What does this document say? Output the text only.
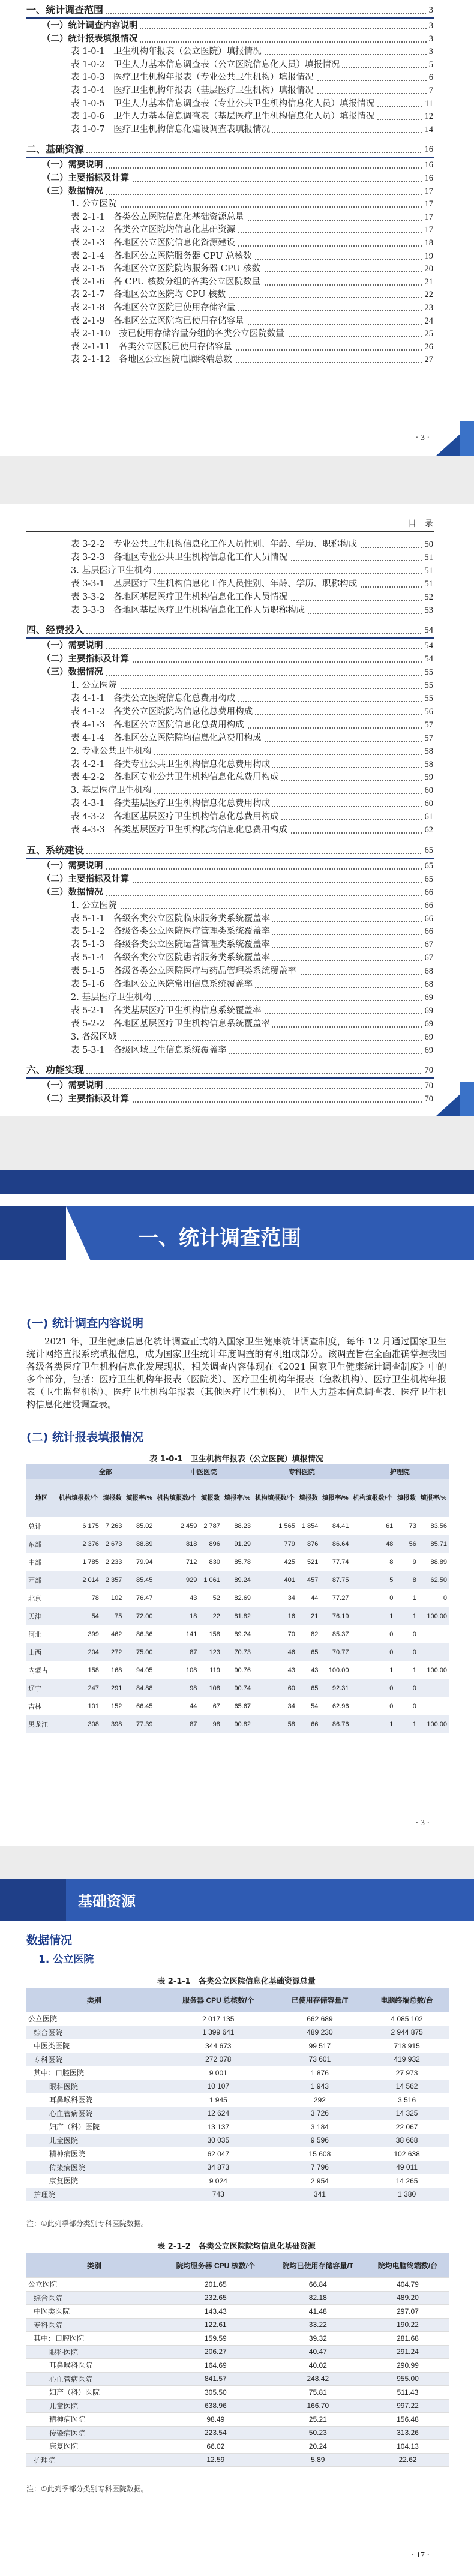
一、统计调查范围	3
（一）统计调查内容说明	3
（二）统计报表填报情况	3
表 1-0-1　卫生机构年报表（公立医院）填报情况	3
表 1-0-2　卫生人力基本信息调查表（公立医院信息化人员）填报情况	5
表 1-0-3　医疗卫生机构年报表（专业公共卫生机构）填报情况	6
表 1-0-4　医疗卫生机构年报表（基层医疗卫生机构）填报情况	7
表 1-0-5　卫生人力基本信息调查表（专业公共卫生机构信息化人员）填报情况	11
表 1-0-6　卫生人力基本信息调查表（基层医疗卫生机构信息化人员）填报情况	12
表 1-0-7　医疗卫生机构信息化建设调查表填报情况	14
二、基础资源	16
（一）需要说明	16
（二）主要指标及计算	16
（三）数据情况	17
1. 公立医院	17
表 2-1-1　各类公立医院信息化基础资源总量	17
表 2-1-2　各类公立医院均信息化基础资源	17
表 2-1-3　各地区公立医院信息化资源建设	18
表 2-1-4　各地区公立医院服务器 CPU 总核数	19
表 2-1-5　各地区公立医院院均服务器 CPU 核数	20
表 2-1-6　各 CPU 核数分组的各类公立医院数量	21
表 2-1-7　各地区公立医院均 CPU 核数	22
表 2-1-8　各地区公立医院已使用存储容量	23
表 2-1-9　各地区公立医院均已使用存储容量	24
表 2-1-10　按已使用存储容量分组的各类公立医院数量	25
表 2-1-11　各类公立医院已使用存储容量	26
表 2-1-12　各地区公立医院电脑终端总数	27
· 3 ·
目　录
表 3-2-2　专业公共卫生机构信息化工作人员性别、年龄、学历、职称构成	50
表 3-2-3　各地区专业公共卫生机构信息化工作人员情况	51
3. 基层医疗卫生机构	51
表 3-3-1　基层医疗卫生机构信息化工作人员性别、年龄、学历、职称构成	51
表 3-3-2　各地区基层医疗卫生机构信息化工作人员情况	52
表 3-3-3　各地区基层医疗卫生机构信息化工作人员职称构成	53
四、经费投入	54
（一）需要说明	54
（二）主要指标及计算	54
（三）数据情况	55
1. 公立医院	55
表 4-1-1　各类公立医院信息化总费用构成	55
表 4-1-2　各类公立医院院均信息化总费用构成	56
表 4-1-3　各地区公立医院信息化总费用构成	57
表 4-1-4　各地区公立医院院均信息化总费用构成	57
2. 专业公共卫生机构	58
表 4-2-1　各类专业公共卫生机构信息化总费用构成	58
表 4-2-2　各地区专业公共卫生机构信息化总费用构成	59
3. 基层医疗卫生机构	60
表 4-3-1　各类基层医疗卫生机构信息化总费用构成	60
表 4-3-2　各地区基层医疗卫生机构信息化总费用构成	61
表 4-3-3　各类基层医疗卫生机构院均信息化总费用构成	62
五、系统建设	65
（一）需要说明	65
（二）主要指标及计算	65
（三）数据情况	66
1. 公立医院	66
表 5-1-1　各级各类公立医院临床服务类系统覆盖率	66
表 5-1-2　各级各类公立医院医疗管理类系统覆盖率	66
表 5-1-3　各级各类公立医院运营管理类系统覆盖率	67
表 5-1-4　各级各类公立医院患者服务类系统覆盖率	67
表 5-1-5　各级各类公立医院医疗与药品管理类系统覆盖率	68
表 5-1-6　各地区公立医院常用信息系统覆盖率	68
2. 基层医疗卫生机构	69
表 5-2-1　各类基层医疗卫生机构信息系统覆盖率	69
表 5-2-2　各地区基层医疗卫生机构信息系统覆盖率	69
3. 各级区域	69
表 5-3-1　各级区域卫生信息系统覆盖率	69
六、功能实现	70
（一）需要说明	70
（二）主要指标及计算	70
一、统计调查范围
(一) 统计调查内容说明
2021 年，卫生健康信息化统计调查正式纳入国家卫生健康统计调查制度，每年 12 月通过国家卫生统计网络直报系统填报信息，成为国家卫生统计年度调查的有机组成部分。该调查旨在全面准确掌握我国各级各类医疗卫生机构信息化发展现状，相关调查内容体现在《2021 国家卫生健康统计调查制度》中的多个部分，包括：医疗卫生机构年报表（医院类）、医疗卫生机构年报表（急救机构）、医疗卫生机构年报表（卫生监督机构）、医疗卫生机构年报表（其他医疗卫生机构）、卫生人力基本信息调查表、医疗卫生机构信息化建设调查表。
(二) 统计报表填报情况
表 1-0-1　卫生机构年报表（公立医院）填报情况
	全部			中医医院			专科医院			护理院		
地区	机构填报数/个	填报数	填报率/%	机构填报数/个	填报数	填报率/%	机构填报数/个	填报数	填报率/%	机构填报数/个	填报数	填报率/%
总计	6 175	7 263	85.02	2 459	2 787	88.23	1 565	1 854	84.41	61	73	83.56
东部	2 376	2 673	88.89	818	896	91.29	779	876	86.64	48	56	85.71
中部	1 785	2 233	79.94	712	830	85.78	425	521	77.74	8	9	88.89
西部	2 014	2 357	85.45	929	1 061	89.24	401	457	87.75	5	8	62.50
北京	78	102	76.47	43	52	82.69	34	44	77.27	0	1	0
天津	54	75	72.00	18	22	81.82	16	21	76.19	1	1	100.00
河北	399	462	86.36	141	158	89.24	70	82	85.37	0	0	
山西	204	272	75.00	87	123	70.73	46	65	70.77	0	0	
内蒙古	158	168	94.05	108	119	90.76	43	43	100.00	1	1	100.00
辽宁	247	291	84.88	98	108	90.74	60	65	92.31	0	0	
吉林	101	152	66.45	44	67	65.67	34	54	62.96	0	0	
黑龙江	308	398	77.39	87	98	90.82	58	66	86.76	1	1	100.00
· 3 ·
基础资源
数据情况
1. 公立医院
表 2-1-1　各类公立医院信息化基础资源总量
类别	服务器 CPU 总核数/个	已使用存储容量/T	电脑终端总数/台
公立医院	2 017 135	662 689	4 085 102
综合医院	1 399 641	489 230	2 944 875
中医类医院	344 673	99 517	718 915
专科医院	272 078	73 601	419 932
其中：口腔医院	9 001	1 876	27 973
眼科医院	10 107	1 943	14 562
耳鼻喉科医院	1 945	292	3 516
心血管病医院	12 624	3 726	14 325
妇产（科）医院	13 137	3 184	22 067
儿童医院	30 035	9 596	38 668
精神病医院	62 047	15 608	102 638
传染病医院	34 873	7 796	49 011
康复医院	9 024	2 954	14 265
护理院	743	341	1 380
注：①此列季部分类别专科医院数据。
表 2-1-2　各类公立医院院均信息化基础资源
类别	院均服务器 CPU 核数/个	院均已使用存储容量/T	院均电脑终端数/台
公立医院	201.65	66.84	404.79
综合医院	232.65	82.18	489.20
中医类医院	143.43	41.48	297.07
专科医院	122.61	33.22	190.22
其中：口腔医院	159.59	39.32	281.68
眼科医院	206.27	40.47	291.24
耳鼻喉科医院	164.69	40.02	290.99
心血管病医院	841.57	248.42	955.00
妇产（科）医院	305.50	75.81	511.43
儿童医院	638.96	166.70	997.22
精神病医院	98.49	25.21	156.48
传染病医院	223.54	50.23	313.26
康复医院	66.02	20.24	104.13
护理院	12.59	5.89	22.62
注：①此列季部分类别专科医院数据。
· 17 ·
